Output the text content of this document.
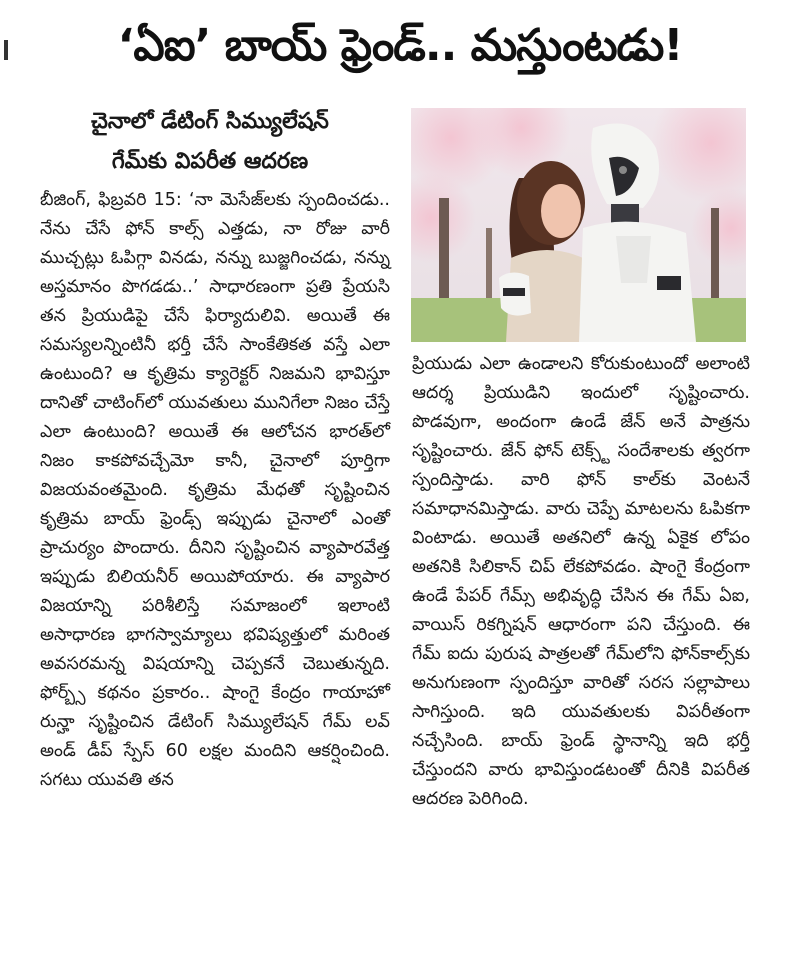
‘ఏఐ’ బాయ్ ఫ్రెండ్.. మస్తుంటడు!
చైనాలో డేటింగ్ సిమ్యులేషన్
గేమ్‌కు విపరీత ఆదరణ

బీజింగ్, ఫిబ్రవరి 15: ‘నా మెసేజ్‌లకు స్పందించడు.. నేను చేసే ఫోన్ కాల్స్ ఎత్తడు, నా రోజు వారీ ముచ్చట్లు ఓపిగ్గా వినడు, నన్ను బుజ్జగించడు, నన్ను అస్తమానం పొగడడు..’ సాధారణంగా ప్రతి ప్రేయసి తన ప్రియుడిపై చేసే ఫిర్యాదులివి. అయితే ఈ సమస్యలన్నింటినీ భర్తీ చేసే సాంకేతికత వస్తే ఎలా ఉంటుంది? ఆ కృత్రిమ క్యారెక్టర్ నిజమని భావిస్తూ దానితో చాటింగ్‌లో యువతులు మునిగేలా నిజం చేస్తే ఎలా ఉంటుంది? అయితే ఈ ఆలోచన భారత్‌లో నిజం కాకపోవచ్చేమో కానీ, చైనాలో పూర్తిగా విజయవంతమైంది. కృత్రిమ మేధతో సృష్టించిన కృత్రిమ బాయ్ ఫ్రెండ్స్ ఇప్పుడు చైనాలో ఎంతో ప్రాచుర్యం పొందారు. దీనిని సృష్టించిన వ్యాపారవేత్త ఇప్పుడు బిలియనీర్ అయిపోయారు. ఈ వ్యాపార విజయాన్ని పరిశీలిస్తే సమాజంలో ఇలాంటి అసాధారణ భాగస్వామ్యాలు భవిష్యత్తులో మరింత అవసరమన్న విషయాన్ని చెప్పకనే చెబుతున్నది. ఫోర్బ్స్ కథనం ప్రకారం.. షాంగై కేంద్రం గాయాహో రున్హా సృష్టించిన డేటింగ్ సిమ్యులేషన్ గేమ్ లవ్ అండ్ డీప్ స్పేస్ 60 లక్షల మందిని ఆకర్షించింది. సగటు యువతి తన

ప్రియుడు ఎలా ఉండాలని కోరుకుంటుందో అలాంటి ఆదర్శ ప్రియుడిని ఇందులో సృష్టించారు. పొడవుగా, అందంగా ఉండే జేన్ అనే పాత్రను సృష్టించారు. జేన్ ఫోన్ టెక్స్ట్ సందేశాలకు త్వరగా స్పందిస్తాడు. వారి ఫోన్ కాల్‌కు వెంటనే సమాధానమిస్తాడు. వారు చెప్పే మాటలను ఓపికగా వింటాడు. అయితే అతనిలో ఉన్న ఏకైక లోపం అతనికి సిలికాన్ చిప్ లేకపోవడం. షాంగై కేంద్రంగా ఉండే పేపర్ గేమ్స్ అభివృద్ధి చేసిన ఈ గేమ్ ఏఐ, వాయిస్ రికగ్నిషన్ ఆధారంగా పని చేస్తుంది. ఈ గేమ్ ఐదు పురుష పాత్రలతో గేమ్‌లోని ఫోన్‌కాల్స్‌కు అనుగుణంగా స్పందిస్తూ వారితో సరస సల్లాపాలు సాగిస్తుంది. ఇది యువతులకు విపరీతంగా నచ్చేసింది. బాయ్ ఫ్రెండ్ స్థానాన్ని ఇది భర్తీ చేస్తుందని వారు భావిస్తుండటంతో దీనికి విపరీత ఆదరణ పెరిగింది.
